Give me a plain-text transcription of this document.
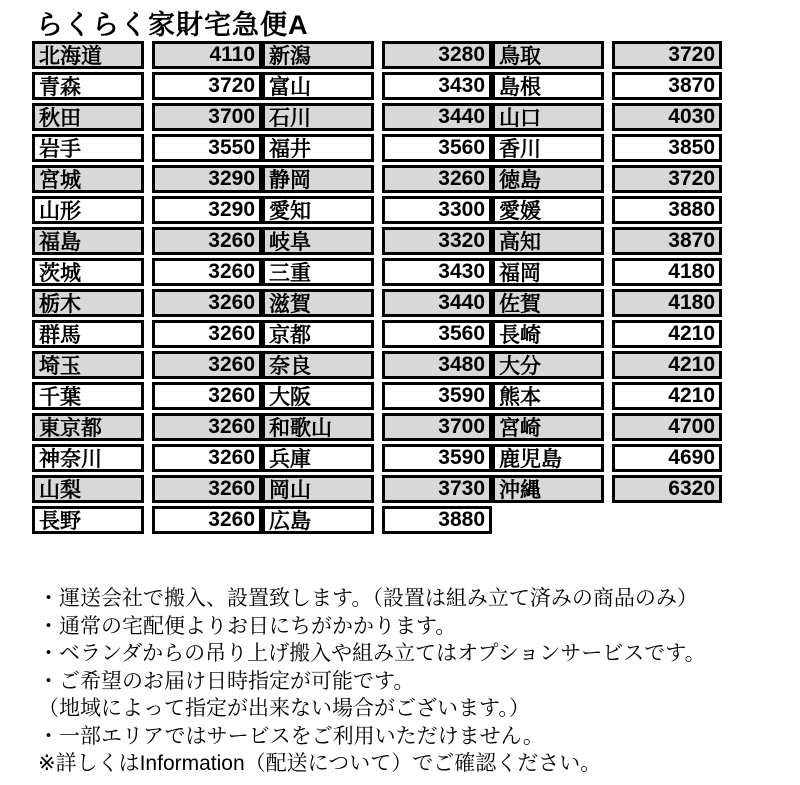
らくらく家財宅急便A
北海道	4110 新潟	3280 鳥取	3720
青森	3720 富山	3430 島根	3870
秋田	3700 石川	3440 山口	4030
岩手	3550 福井	3560 香川	3850
宮城	3290 静岡	3260 徳島	3720
山形	3290 愛知	3300 愛媛	3880
福島	3260 岐阜	3320 高知	3870
茨城	3260 三重	3430 福岡	4180
栃木	3260 滋賀	3440 佐賀	4180
群馬	3260 京都	3560 長崎	4210
埼玉	3260 奈良	3480 大分	4210
千葉	3260 大阪	3590 熊本	4210
東京都	3260 和歌山	3700 宮崎	4700
神奈川	3260 兵庫	3590 鹿児島	4690
山梨	3260 岡山	3730 沖縄	6320
長野	3260 広島	3880
・運送会社で搬入、設置致します。（設置は組み立て済みの商品のみ）
・通常の宅配便よりお日にちがかかります。
・ベランダからの吊り上げ搬入や組み立てはオプションサービスです。
・ご希望のお届け日時指定が可能です。
（地域によって指定が出来ない場合がございます。）
・一部エリアではサービスをご利用いただけません。
※詳しくはInformation（配送について）でご確認ください。
